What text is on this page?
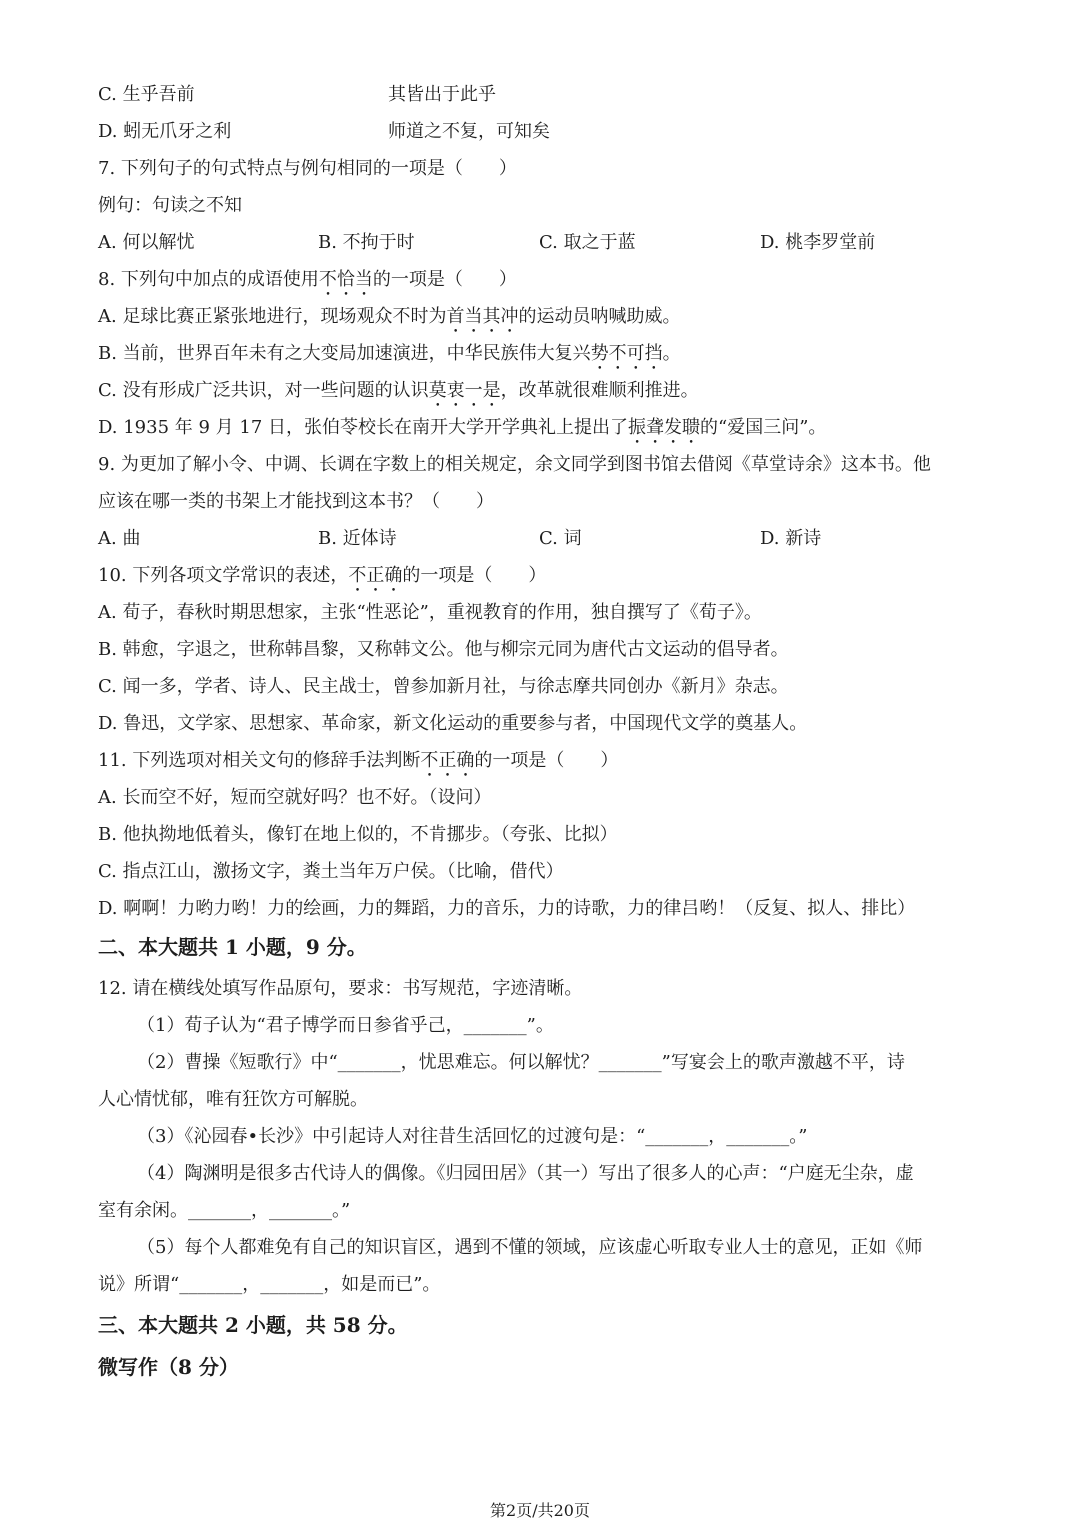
C. 生乎吾前	其皆出于此乎
D. 蚓无爪牙之利	师道之不复，可知矣
7. 下列句子的句式特点与例句相同的一项是（　　）
例句：句读之不知
A. 何以解忧	B. 不拘于时	C. 取之于蓝	D. 桃李罗堂前
8. 下列句中加点的成语使用不恰当的一项是（　　）
A. 足球比赛正紧张地进行，现场观众不时为首当其冲的运动员呐喊助威。
B. 当前，世界百年未有之大变局加速演进，中华民族伟大复兴势不可挡。
C. 没有形成广泛共识，对一些问题的认识莫衷一是，改革就很难顺利推进。
D. 1935 年 9 月 17 日，张伯苓校长在南开大学开学典礼上提出了振聋发聩的“爱国三问”。
9. 为更加了解小令、中调、长调在字数上的相关规定，余文同学到图书馆去借阅《草堂诗余》这本书。他
应该在哪一类的书架上才能找到这本书？（　　）
A. 曲	B. 近体诗	C. 词	D. 新诗
10. 下列各项文学常识的表述，不正确的一项是（　　）
A. 荀子，春秋时期思想家，主张“性恶论”，重视教育的作用，独自撰写了《荀子》。
B. 韩愈，字退之，世称韩昌黎，又称韩文公。他与柳宗元同为唐代古文运动的倡导者。
C. 闻一多，学者、诗人、民主战士，曾参加新月社，与徐志摩共同创办《新月》杂志。
D. 鲁迅，文学家、思想家、革命家，新文化运动的重要参与者，中国现代文学的奠基人。
11. 下列选项对相关文句的修辞手法判断不正确的一项是（　　）
A. 长而空不好，短而空就好吗？也不好。（设问）
B. 他执拗地低着头，像钉在地上似的，不肯挪步。（夸张、比拟）
C. 指点江山，激扬文字，粪土当年万户侯。（比喻，借代）
D. 啊啊！力哟力哟！力的绘画，力的舞蹈，力的音乐，力的诗歌，力的律吕哟！（反复、拟人、排比）
二、本大题共 1 小题，9 分。
12. 请在横线处填写作品原句，要求：书写规范，字迹清晰。
（1）荀子认为“君子博学而日参省乎己，_______”。
（2）曹操《短歌行》中“_______，忧思难忘。何以解忧？_______”写宴会上的歌声激越不平，诗
人心情忧郁，唯有狂饮方可解脱。
（3）《沁园春•长沙》中引起诗人对往昔生活回忆的过渡句是：“_______，_______。”
（4）陶渊明是很多古代诗人的偶像。《归园田居》（其一）写出了很多人的心声：“户庭无尘杂，虚
室有余闲。_______，_______。”
（5）每个人都难免有自己的知识盲区，遇到不懂的领域，应该虚心听取专业人士的意见，正如《师
说》所谓“_______，_______，如是而已”。
三、本大题共 2 小题，共 58 分。
微写作（8 分）
第2页/共20页
